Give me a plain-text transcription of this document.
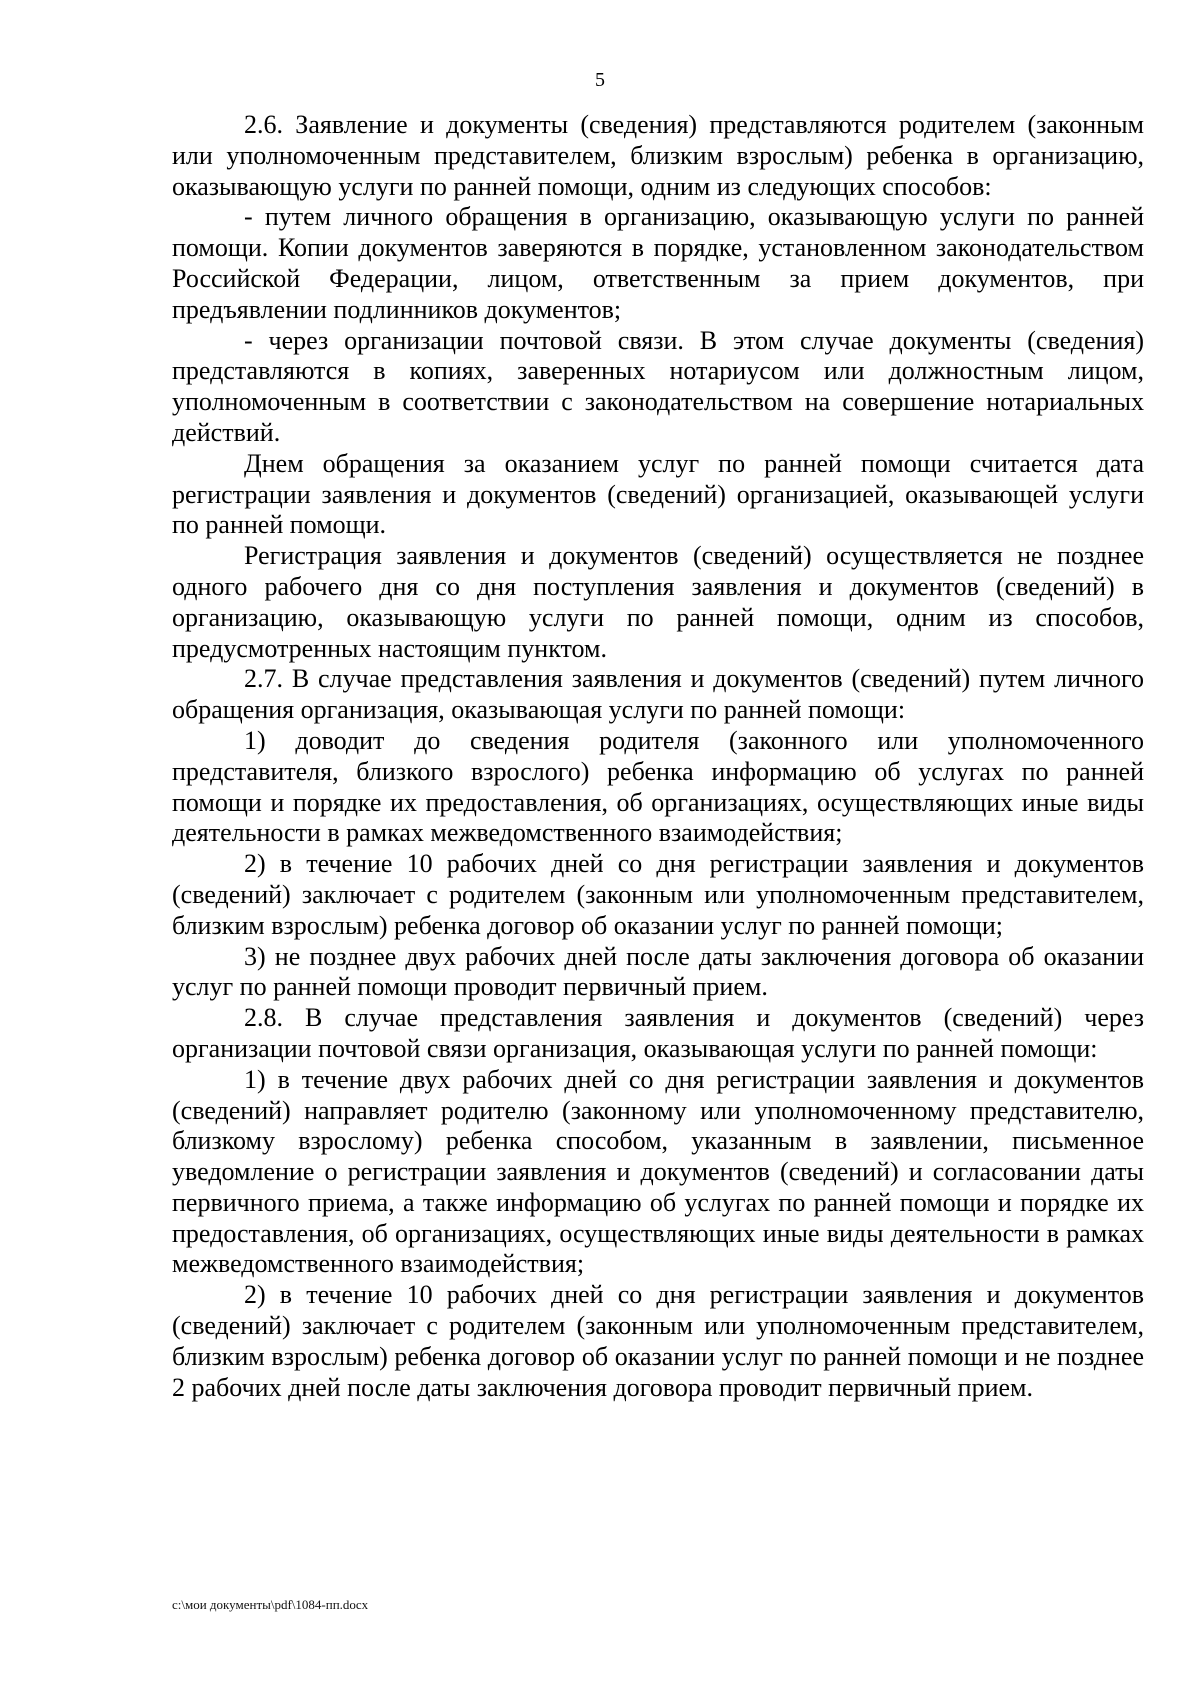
5

2.6. Заявление и документы (сведения) представляются родителем (законным или уполномоченным представителем, близким взрослым) ребенка в организацию, оказывающую услуги по ранней помощи, одним из следующих способов:

- путем личного обращения в организацию, оказывающую услуги по ранней помощи. Копии документов заверяются в порядке, установленном законодательством Российской Федерации, лицом, ответственным за прием документов, при предъявлении подлинников документов;

- через организации почтовой связи. В этом случае документы (сведения) представляются в копиях, заверенных нотариусом или должностным лицом, уполномоченным в соответствии с законодательством на совершение нотариальных действий.

Днем обращения за оказанием услуг по ранней помощи считается дата регистрации заявления и документов (сведений) организацией, оказывающей услуги по ранней помощи.

Регистрация заявления и документов (сведений) осуществляется не позднее одного рабочего дня со дня поступления заявления и документов (сведений) в организацию, оказывающую услуги по ранней помощи, одним из способов, предусмотренных настоящим пунктом.

2.7. В случае представления заявления и документов (сведений) путем личного обращения организация, оказывающая услуги по ранней помощи:

1) доводит до сведения родителя (законного или уполномоченного представителя, близкого взрослого) ребенка информацию об услугах по ранней помощи и порядке их предоставления, об организациях, осуществляющих иные виды деятельности в рамках межведомственного взаимодействия;

2) в течение 10 рабочих дней со дня регистрации заявления и документов (сведений) заключает с родителем (законным или уполномоченным представителем, близким взрослым) ребенка договор об оказании услуг по ранней помощи;

3) не позднее двух рабочих дней после даты заключения договора об оказании услуг по ранней помощи проводит первичный прием.

2.8. В случае представления заявления и документов (сведений) через организации почтовой связи организация, оказывающая услуги по ранней помощи:

1) в течение двух рабочих дней со дня регистрации заявления и документов (сведений) направляет родителю (законному или уполномоченному представителю, близкому взрослому) ребенка способом, указанным в заявлении, письменное уведомление о регистрации заявления и документов (сведений) и согласовании даты первичного приема, а также информацию об услугах по ранней помощи и порядке их предоставления, об организациях, осуществляющих иные виды деятельности в рамках межведомственного взаимодействия;

2) в течение 10 рабочих дней со дня регистрации заявления и документов (сведений) заключает с родителем (законным или уполномоченным представителем, близким взрослым) ребенка договор об оказании услуг по ранней помощи и не позднее 2 рабочих дней после даты заключения договора проводит первичный прием.

c:\мои документы\pdf\1084-пп.docx
